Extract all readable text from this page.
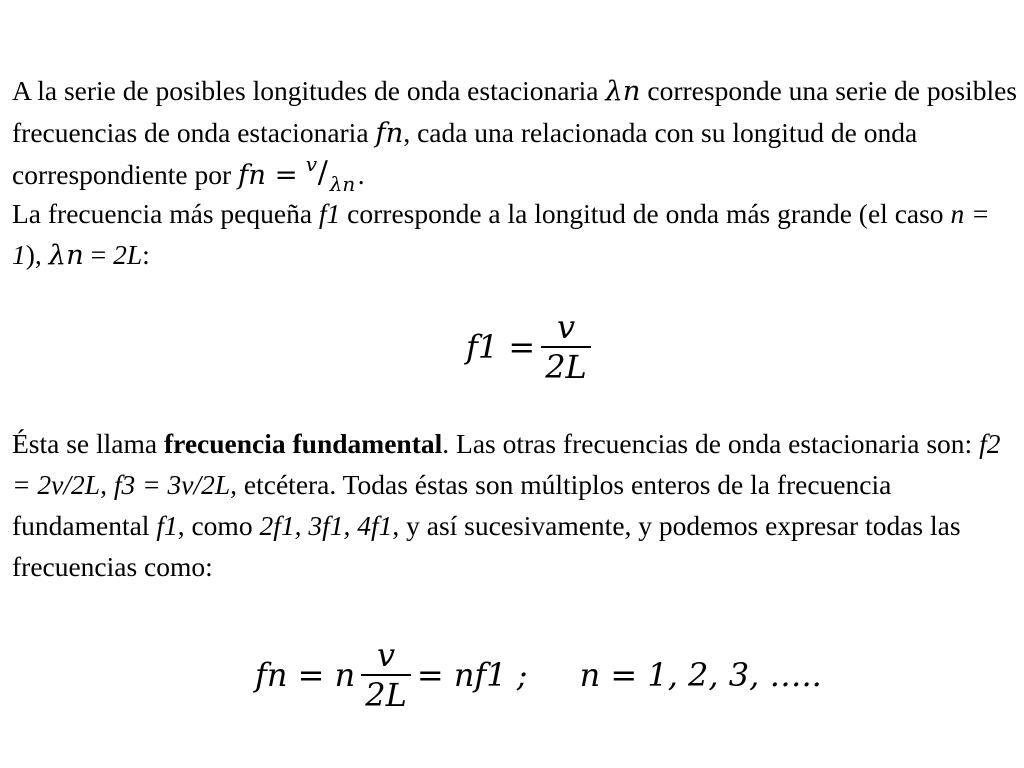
A la serie de posibles longitudes de onda estacionaria λn corresponde una serie de posibles frecuencias de onda estacionaria fn, cada una relacionada con su longitud de onda correspondiente por fn = v / λn .

La frecuencia más pequeña f1 corresponde a la longitud de onda más grande (el caso n = 1), λn = 2L:

$f1 = \frac{v}{2L}$

Ésta se llama frecuencia fundamental. Las otras frecuencias de onda estacionaria son: f2 = 2v/2L, f3 = 3v/2L, etcétera. Todas éstas son múltiplos enteros de la frecuencia fundamental f1, como 2f1, 3f1, 4f1, y así sucesivamente, y podemos expresar todas las frecuencias como:

fn = n $\frac{v}{2L} = nf1$ ; n = 1, 2, 3, …..
